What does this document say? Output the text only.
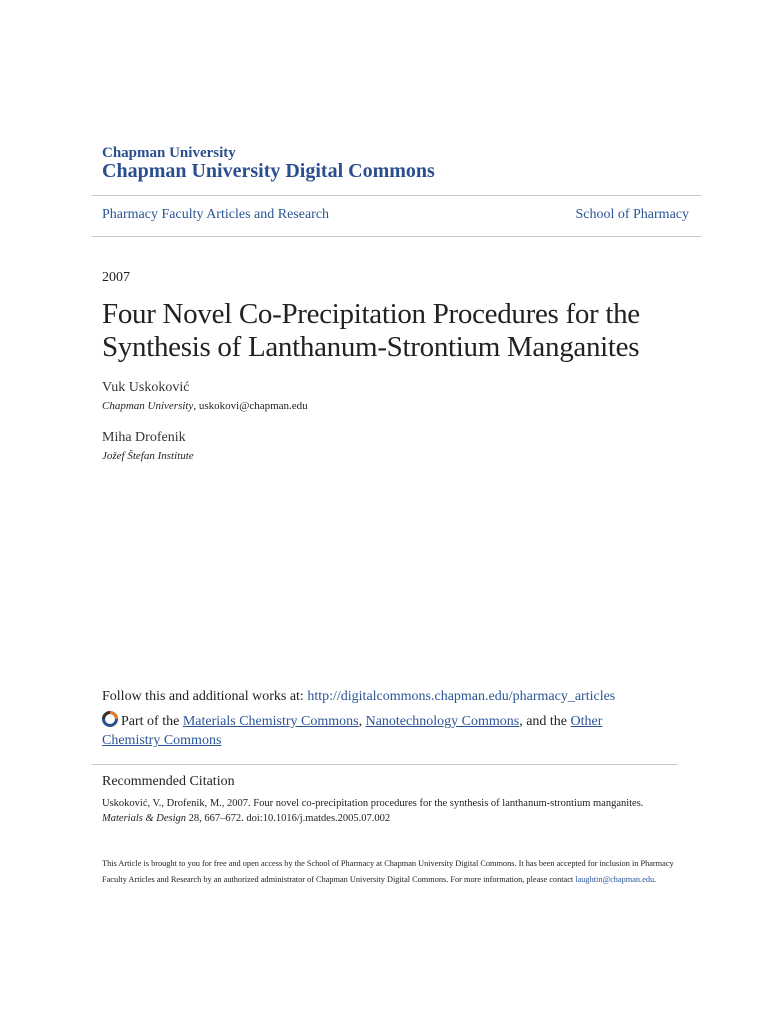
Chapman University
Chapman University Digital Commons
Pharmacy Faculty Articles and Research	School of Pharmacy
2007
Four Novel Co-Precipitation Procedures for the
Synthesis of Lanthanum-Strontium Manganites
Vuk Uskoković
Chapman University, uskokovi@chapman.edu
Miha Drofenik
Jožef Štefan Institute
Follow this and additional works at: http://digitalcommons.chapman.edu/pharmacy_articles
Part of the Materials Chemistry Commons, Nanotechnology Commons, and the Other Chemistry Commons
Recommended Citation
Uskoković, V., Drofenik, M., 2007. Four novel co-precipitation procedures for the synthesis of lanthanum-strontium manganites.
Materials & Design 28, 667–672. doi:10.1016/j.matdes.2005.07.002
This Article is brought to you for free and open access by the School of Pharmacy at Chapman University Digital Commons. It has been accepted for inclusion in Pharmacy Faculty Articles and Research by an authorized administrator of Chapman University Digital Commons. For more information, please contact laughtin@chapman.edu.
